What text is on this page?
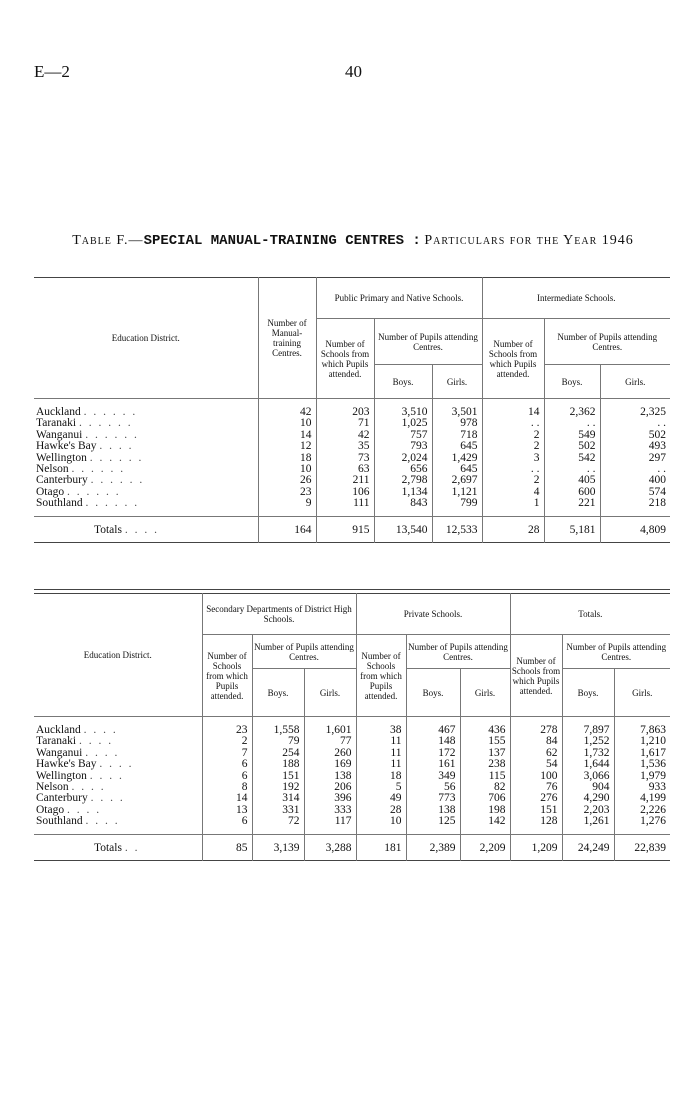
E—2	40
Table F.—SPECIAL MANUAL-TRAINING CENTRES : Particulars for the Year 1946
Education District.	Number of Manual-training Centres.	Public Primary and Native Schools.			Intermediate Schools.		
		Number of Schools from which Pupils attended.	Number of Pupils attending Centres.		Number of Schools from which Pupils attended.	Number of Pupils attending Centres.	
			Boys.	Girls.		Boys.	Girls.
Auckland . . . . . .	42	203	3,510	3,501	14	2,362	2,325
Taranaki . . . . . .	10	71	1,025	978	. .	. .	. .
Wanganui . . . . . .	14	42	757	718	2	549	502
Hawke's Bay . . . .	12	35	793	645	2	502	493
Wellington . . . . . .	18	73	2,024	1,429	3	542	297
Nelson . . . . . .	10	63	656	645	. .	. .	. .
Canterbury . . . . . .	26	211	2,798	2,697	2	405	400
Otago . . . . . .	23	106	1,134	1,121	4	600	574
Southland . . . . . .	9	111	843	799	1	221	218
Totals . . . .	164	915	13,540	12,533	28	5,181	4,809
Education District.	Secondary Departments of District High Schools.			Private Schools.			Totals.		
	Number of Schools from which Pupils attended.	Number of Pupils attending Centres.		Number of Schools from which Pupils attended.	Number of Pupils attending Centres.		Number of Schools from which Pupils attended.	Number of Pupils attending Centres.	
		Boys.	Girls.		Boys.	Girls.		Boys.	Girls.
Auckland . . . .	23	1,558	1,601	38	467	436	278	7,897	7,863
Taranaki . . . .	2	79	77	11	148	155	84	1,252	1,210
Wanganui . . . .	7	254	260	11	172	137	62	1,732	1,617
Hawke's Bay . . . .	6	188	169	11	161	238	54	1,644	1,536
Wellington . . . .	6	151	138	18	349	115	100	3,066	1,979
Nelson . . . .	8	192	206	5	56	82	76	904	933
Canterbury . . . .	14	314	396	49	773	706	276	4,290	4,199
Otago . . . .	13	331	333	28	138	198	151	2,203	2,226
Southland . . . .	6	72	117	10	125	142	128	1,261	1,276
Totals . .	85	3,139	3,288	181	2,389	2,209	1,209	24,249	22,839
